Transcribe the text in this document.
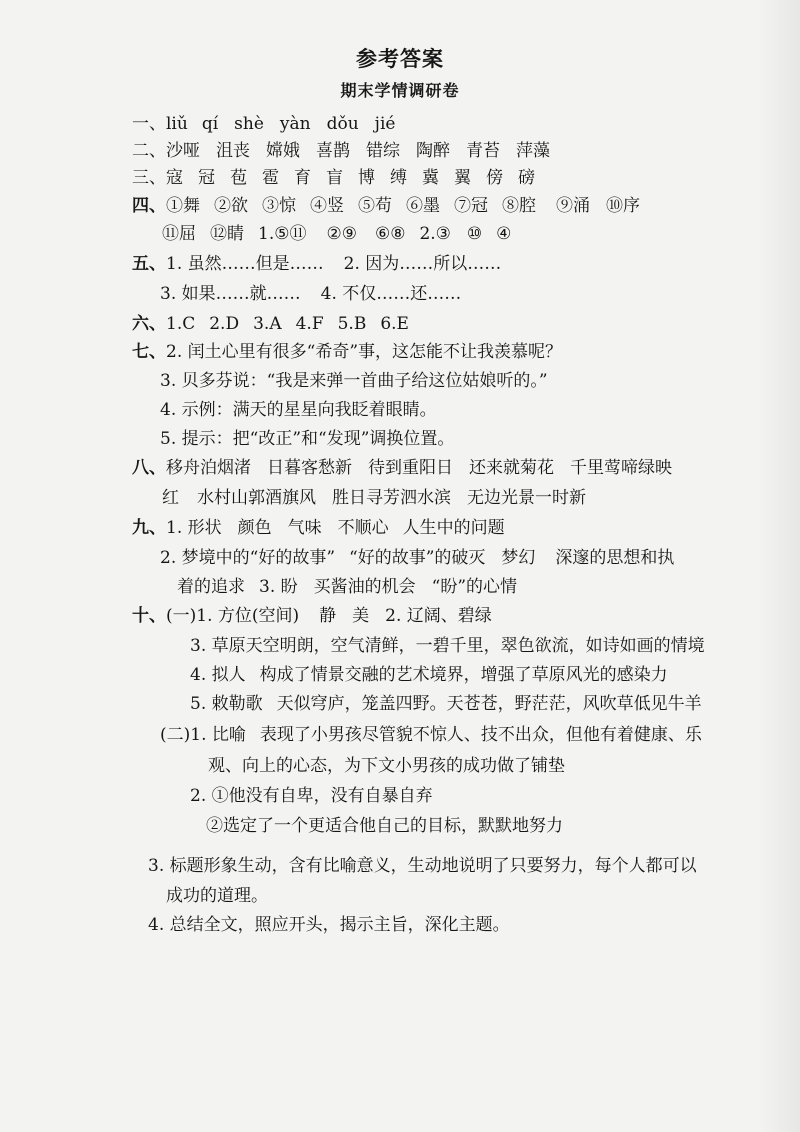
参考答案
期末学情调研卷
一、liǔ qí shè yàn dǒu jié
二、沙哑 沮丧 嫦娥 喜鹊 错综 陶醉 青苔 萍藻
三、寇 冠 苞 雹 育 盲 博 缚 冀 翼 傍 磅
四、①舞 ②欲 ③惊 ④竖 ⑤苟 ⑥墨 ⑦冠 ⑧腔 ⑨涌 ⑩序
⑪屈 ⑫睛 1.⑤⑪ ②⑨ ⑥⑧ 2.③ ⑩ ④
五、1. 虽然……但是…… 2. 因为……所以……
3. 如果……就…… 4. 不仅……还……
六、1.C 2.D 3.A 4.F 5.B 6.E
七、2. 闰土心里有很多“希奇”事，这怎能不让我羡慕呢？
3. 贝多芬说：“我是来弹一首曲子给这位姑娘听的。”
4. 示例：满天的星星向我眨着眼睛。
5. 提示：把“改正”和“发现”调换位置。
八、移舟泊烟渚 日暮客愁新 待到重阳日 还来就菊花 千里莺啼绿映
红 水村山郭酒旗风 胜日寻芳泗水滨 无边光景一时新
九、1. 形状 颜色 气味 不顺心 人生中的问题
2. 梦境中的“好的故事” “好的故事”的破灭 梦幻 深邃的思想和执
着的追求 3. 盼 买酱油的机会 “盼”的心情
十、(一)1. 方位(空间) 静 美 2. 辽阔、碧绿
3. 草原天空明朗，空气清鲜，一碧千里，翠色欲流，如诗如画的情境
4. 拟人 构成了情景交融的艺术境界，增强了草原风光的感染力
5. 敕勒歌 天似穹庐，笼盖四野。天苍苍，野茫茫，风吹草低见牛羊
(二)1. 比喻 表现了小男孩尽管貌不惊人、技不出众，但他有着健康、乐
观、向上的心态，为下文小男孩的成功做了铺垫
2. ①他没有自卑，没有自暴自弃
②选定了一个更适合他自己的目标，默默地努力
3. 标题形象生动，含有比喻意义，生动地说明了只要努力，每个人都可以
成功的道理。
4. 总结全文，照应开头，揭示主旨，深化主题。
